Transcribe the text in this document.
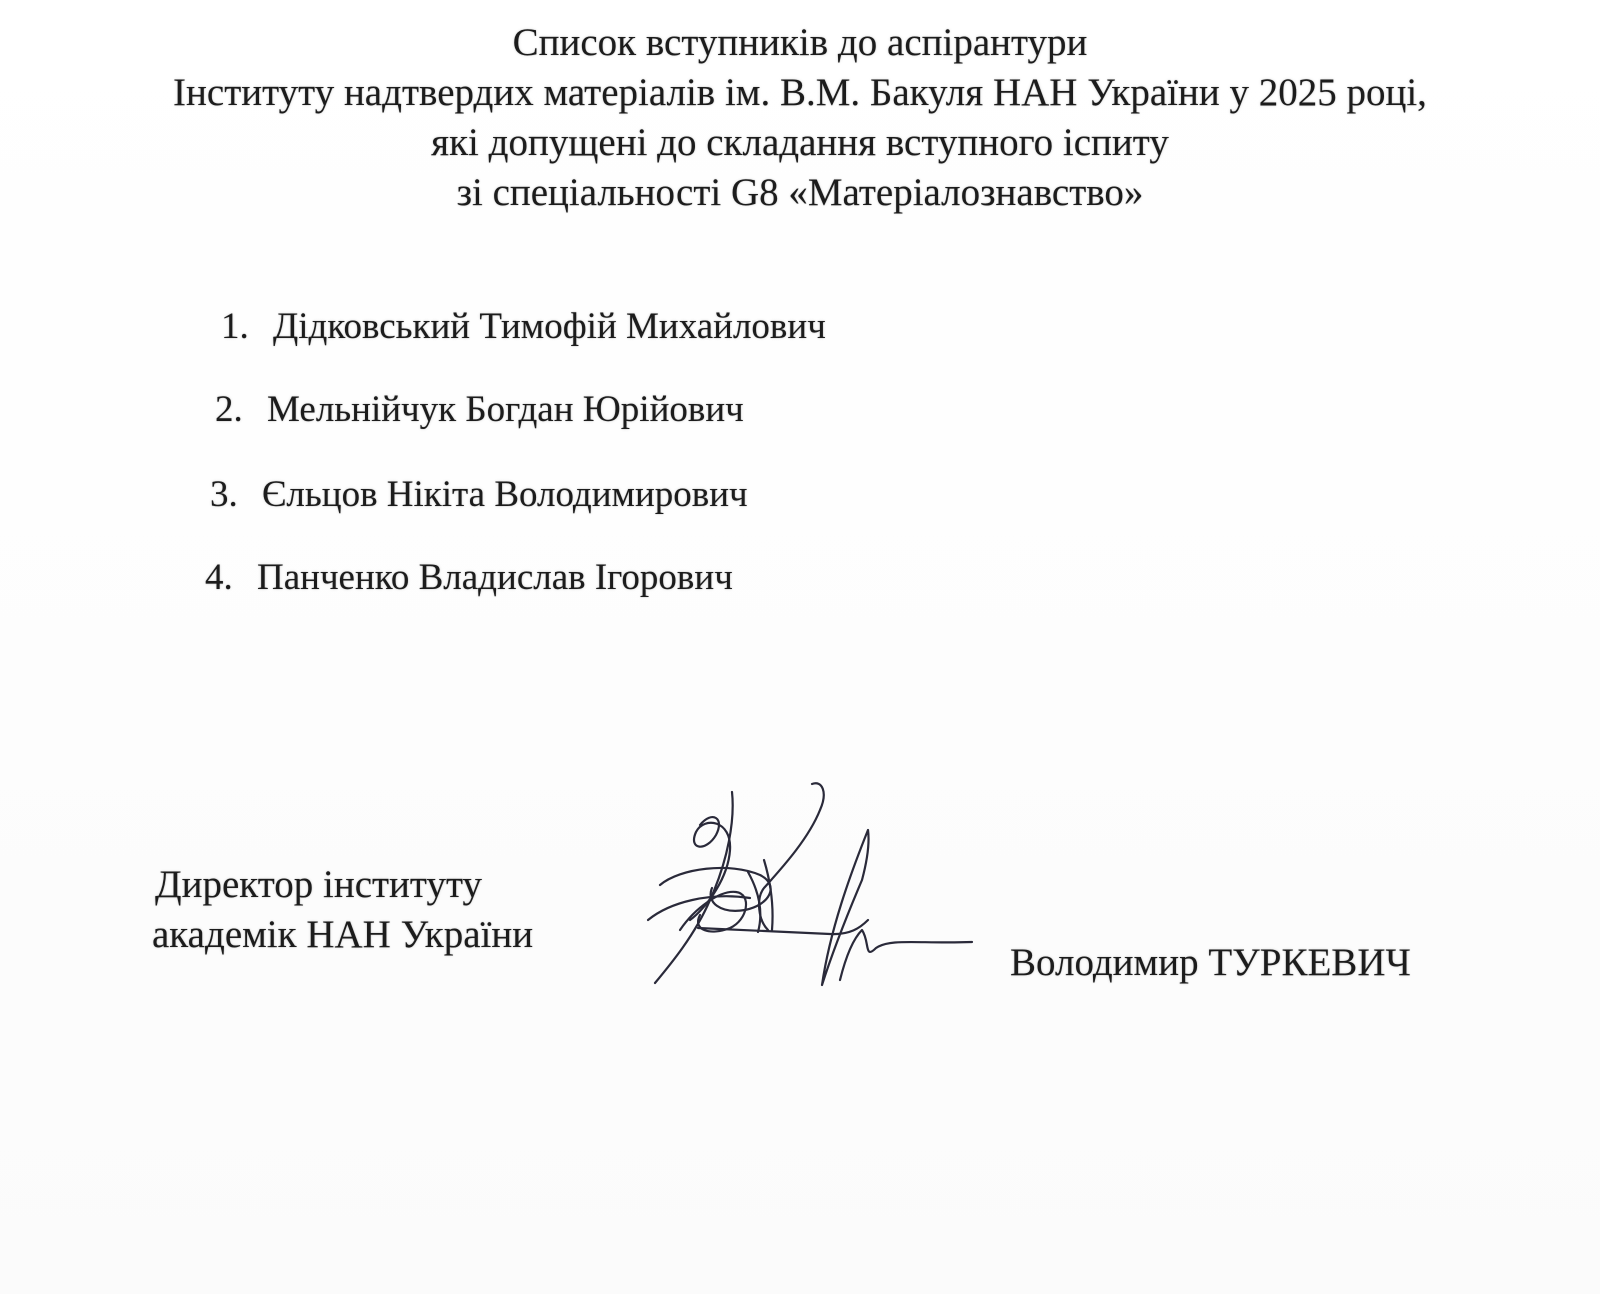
Список вступників до аспірантури
Інституту надтвердих матеріалів ім. В.М. Бакуля НАН України у 2025 році,
які допущені до складання вступного іспиту
зі спеціальності G8 «Матеріалознавство»
1. Дідковський Тимофій Михайлович
2. Мельнійчук Богдан Юрійович
3. Єльцов Нікіта Володимирович
4. Панченко Владислав Ігорович
Директор інституту
академік НАН України
Володимир ТУРКЕВИЧ
